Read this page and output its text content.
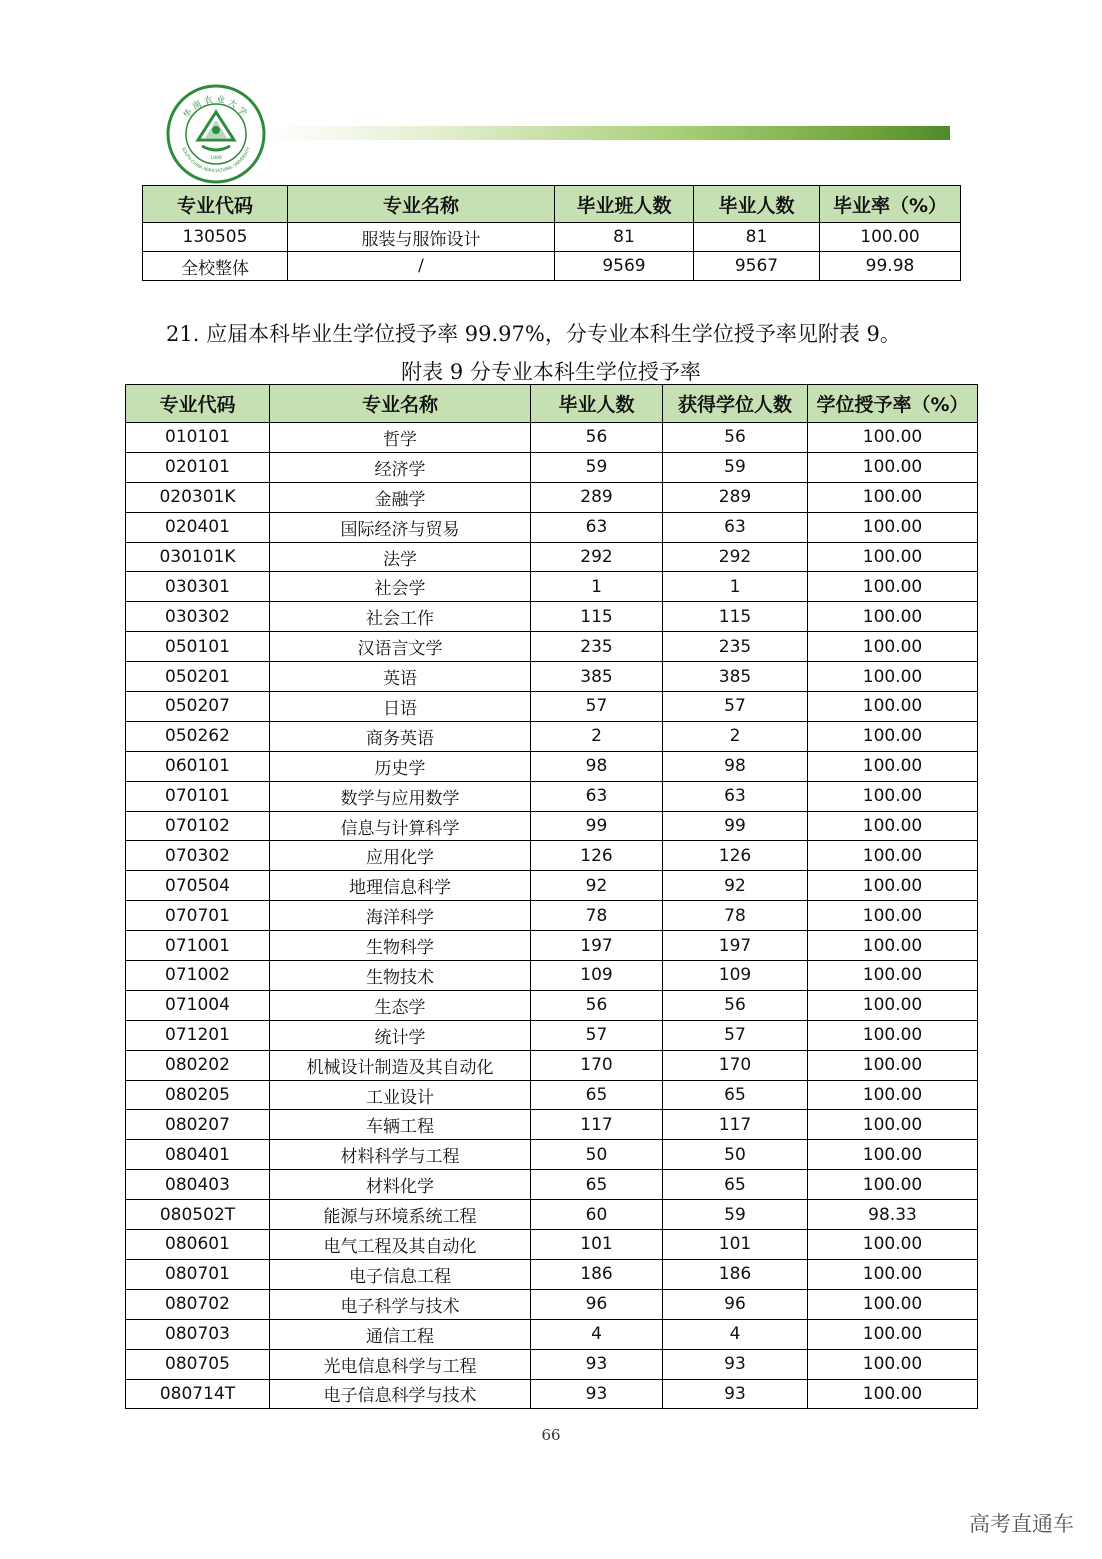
华南农业大学
SOUTH CHINA AGRICULTURAL UNIVERSITY
1909
专业代码	专业名称	毕业班人数	毕业人数	毕业率（%）
130505	服装与服饰设计	81	81	100.00
全校整体	/	9569	9567	99.98

21. 应届本科毕业生学位授予率 99.97%，分专业本科生学位授予率见附表 9。

附表 9 分专业本科生学位授予率
专业代码	专业名称	毕业人数	获得学位人数	学位授予率（%）
010101	哲学	56	56	100.00
020101	经济学	59	59	100.00
020301K	金融学	289	289	100.00
020401	国际经济与贸易	63	63	100.00
030101K	法学	292	292	100.00
030301	社会学	1	1	100.00
030302	社会工作	115	115	100.00
050101	汉语言文学	235	235	100.00
050201	英语	385	385	100.00
050207	日语	57	57	100.00
050262	商务英语	2	2	100.00
060101	历史学	98	98	100.00
070101	数学与应用数学	63	63	100.00
070102	信息与计算科学	99	99	100.00
070302	应用化学	126	126	100.00
070504	地理信息科学	92	92	100.00
070701	海洋科学	78	78	100.00
071001	生物科学	197	197	100.00
071002	生物技术	109	109	100.00
071004	生态学	56	56	100.00
071201	统计学	57	57	100.00
080202	机械设计制造及其自动化	170	170	100.00
080205	工业设计	65	65	100.00
080207	车辆工程	117	117	100.00
080401	材料科学与工程	50	50	100.00
080403	材料化学	65	65	100.00
080502T	能源与环境系统工程	60	59	98.33
080601	电气工程及其自动化	101	101	100.00
080701	电子信息工程	186	186	100.00
080702	电子科学与技术	96	96	100.00
080703	通信工程	4	4	100.00
080705	光电信息科学与工程	93	93	100.00
080714T	电子信息科学与技术	93	93	100.00
66
高考直通车
